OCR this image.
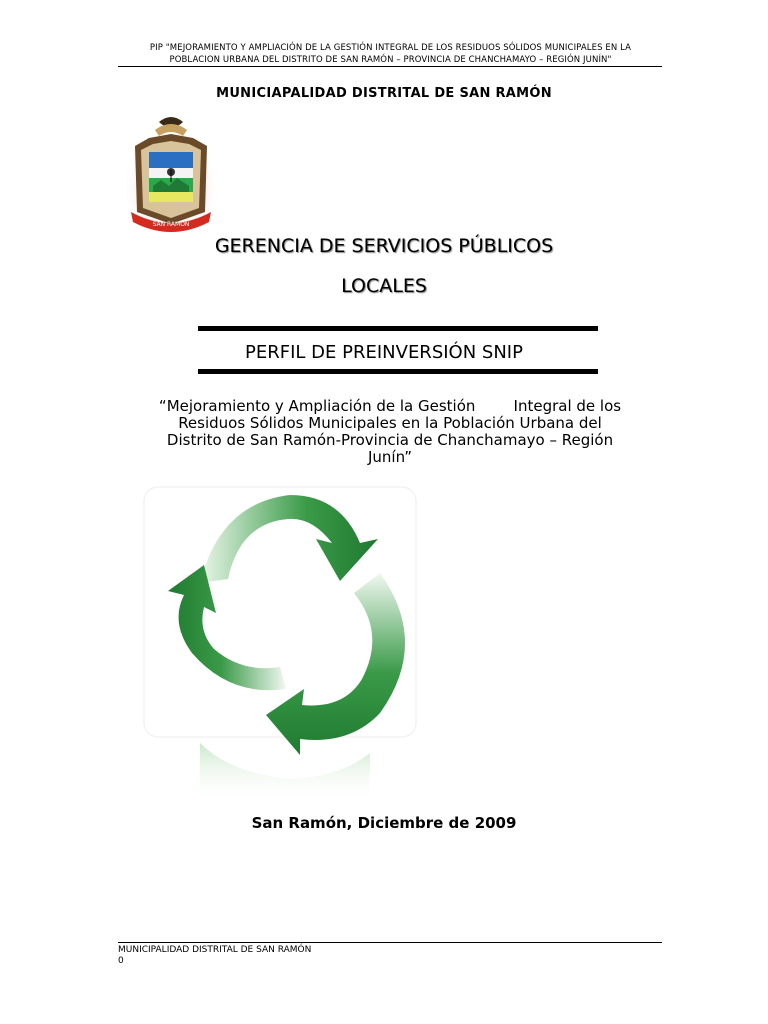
PIP "MEJORAMIENTO Y AMPLIACIÓN DE LA GESTIÓN INTEGRAL DE LOS RESIDUOS SÓLIDOS MUNICIPALES EN LA
POBLACION URBANA DEL DISTRITO DE SAN RAMÓN – PROVINCIA DE CHANCHAMAYO – REGIÓN JUNÍN"
MUNICIAPALIDAD DISTRITAL DE SAN RAMÓN
SAN RAMÓN
GERENCIA DE SERVICIOS PÚBLICOS
LOCALES
PERFIL DE PREINVERSIÓN SNIP
“Mejoramiento y Ampliación de la Gestión        Integral de los
Residuos Sólidos Municipales en la Población Urbana del
Distrito de San Ramón-Provincia de Chanchamayo – Región
Junín”
San Ramón, Diciembre de 2009
MUNICIPALIDAD DISTRITAL DE SAN RAMÓN
0
